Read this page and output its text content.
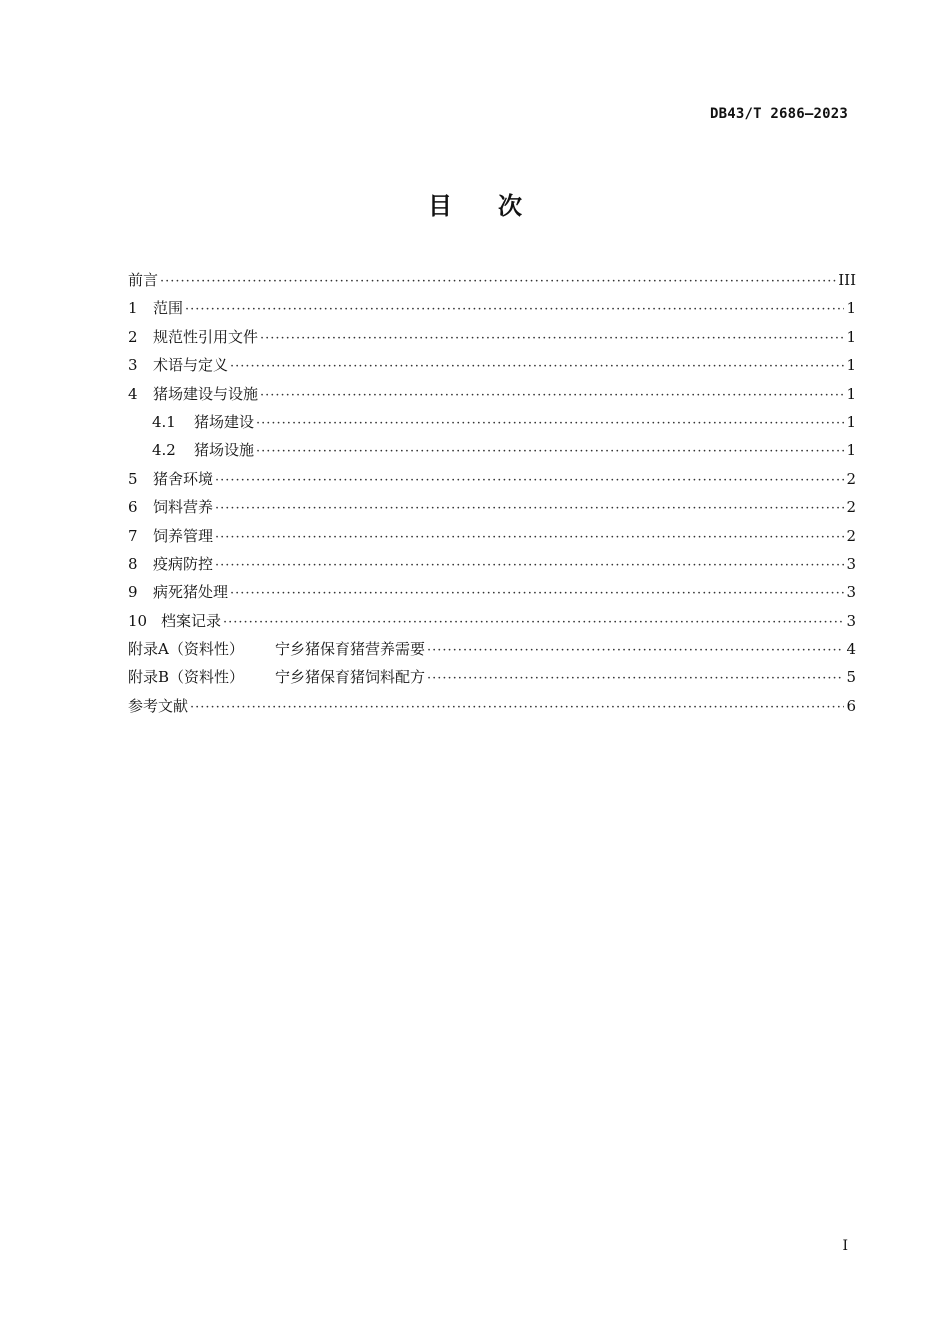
DB43/T 2686—2023
目次
前言 ·····	III
1	范围 ·····	1
2	规范性引用文件 ·····	1
3	术语与定义 ·····	1
4	猪场建设与设施 ·····	1
4.1	猪场建设 ·····	1
4.2	猪场设施 ·····	1
5	猪舍环境 ·····	2
6	饲料营养 ·····	2
7	饲养管理 ·····	2
8	疫病防控 ·····	3
9	病死猪处理 ·····	3
10 档案记录 ·····	3
附录A（资料性）	宁乡猪保育猪营养需要 ·····	4
附录B（资料性）	宁乡猪保育猪饲料配方 ·····	5
参考文献 ·····	6
I
